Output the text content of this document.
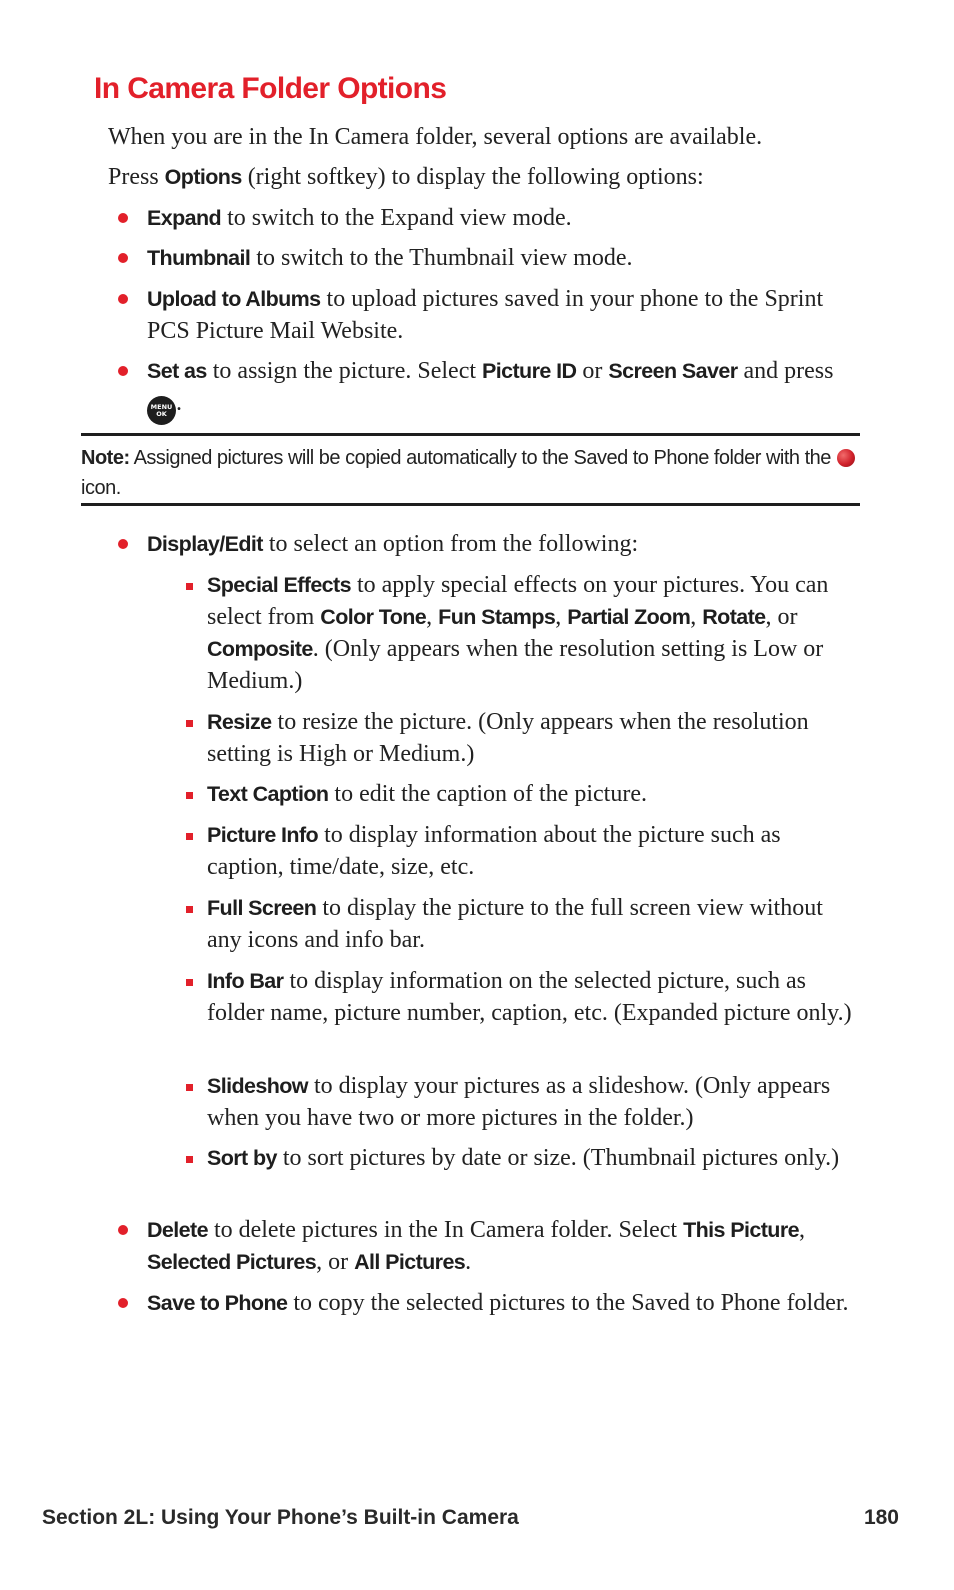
In Camera Folder Options

When you are in the In Camera folder, several options are available.

Press Options (right softkey) to display the following options:

Expand to switch to the Expand view mode.
Thumbnail to switch to the Thumbnail view mode.
Upload to Albums to upload pictures saved in your phone to the Sprint PCS Picture Mail Website.
Set as to assign the picture. Select Picture ID or Screen Saver and press MENU
OK .
Note: Assigned pictures will be copied automatically to the Saved to Phone folder with the  icon.
Display/Edit to select an option from the following:
Special Effects to apply special effects on your pictures. You can select from Color Tone, Fun Stamps, Partial Zoom, Rotate, or Composite. (Only appears when the resolution setting is Low or Medium.)
Resize to resize the picture. (Only appears when the resolution setting is High or Medium.)
Text Caption to edit the caption of the picture.
Picture Info to display information about the picture such as caption, time/date, size, etc.
Full Screen to display the picture to the full screen view without any icons and info bar.
Info Bar to display information on the selected picture, such as folder name, picture number, caption, etc. (Expanded picture only.)
Slideshow to display your pictures as a slideshow. (Only appears when you have two or more pictures in the folder.)
Sort by to sort pictures by date or size. (Thumbnail pictures only.)
Delete to delete pictures in the In Camera folder. Select This Picture, Selected Pictures, or All Pictures.
Save to Phone to copy the selected pictures to the Saved to Phone folder.
Section 2L: Using Your Phone’s Built-in Camera	180
